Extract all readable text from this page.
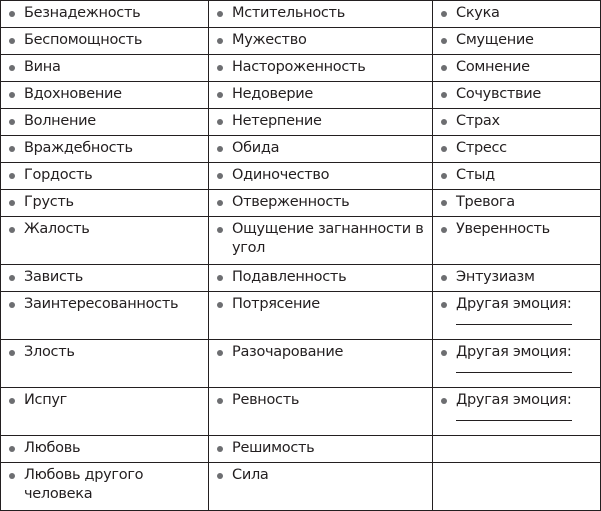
Безнадежность	Мстительность	Скука

Беспомощность	Мужество	Смущение

Вина	Настороженность	Сомнение

Вдохновение	Недоверие	Сочувствие

Волнение	Нетерпение	Страх

Враждебность	Обида	Стресс

Гордость	Одиночество	Стыд

Грусть	Отверженность	Тревога

Жалость	Ощущение загнанности в угол	Уверенность

Зависть	Подавленность	Энтузиазм

Заинтересованность	Потрясение	Другая эмоция:

Злость	Разочарование	Другая эмоция:

Испуг	Ревность	Другая эмоция:

Любовь	Решимость	

Любовь другого человека	Сила	
